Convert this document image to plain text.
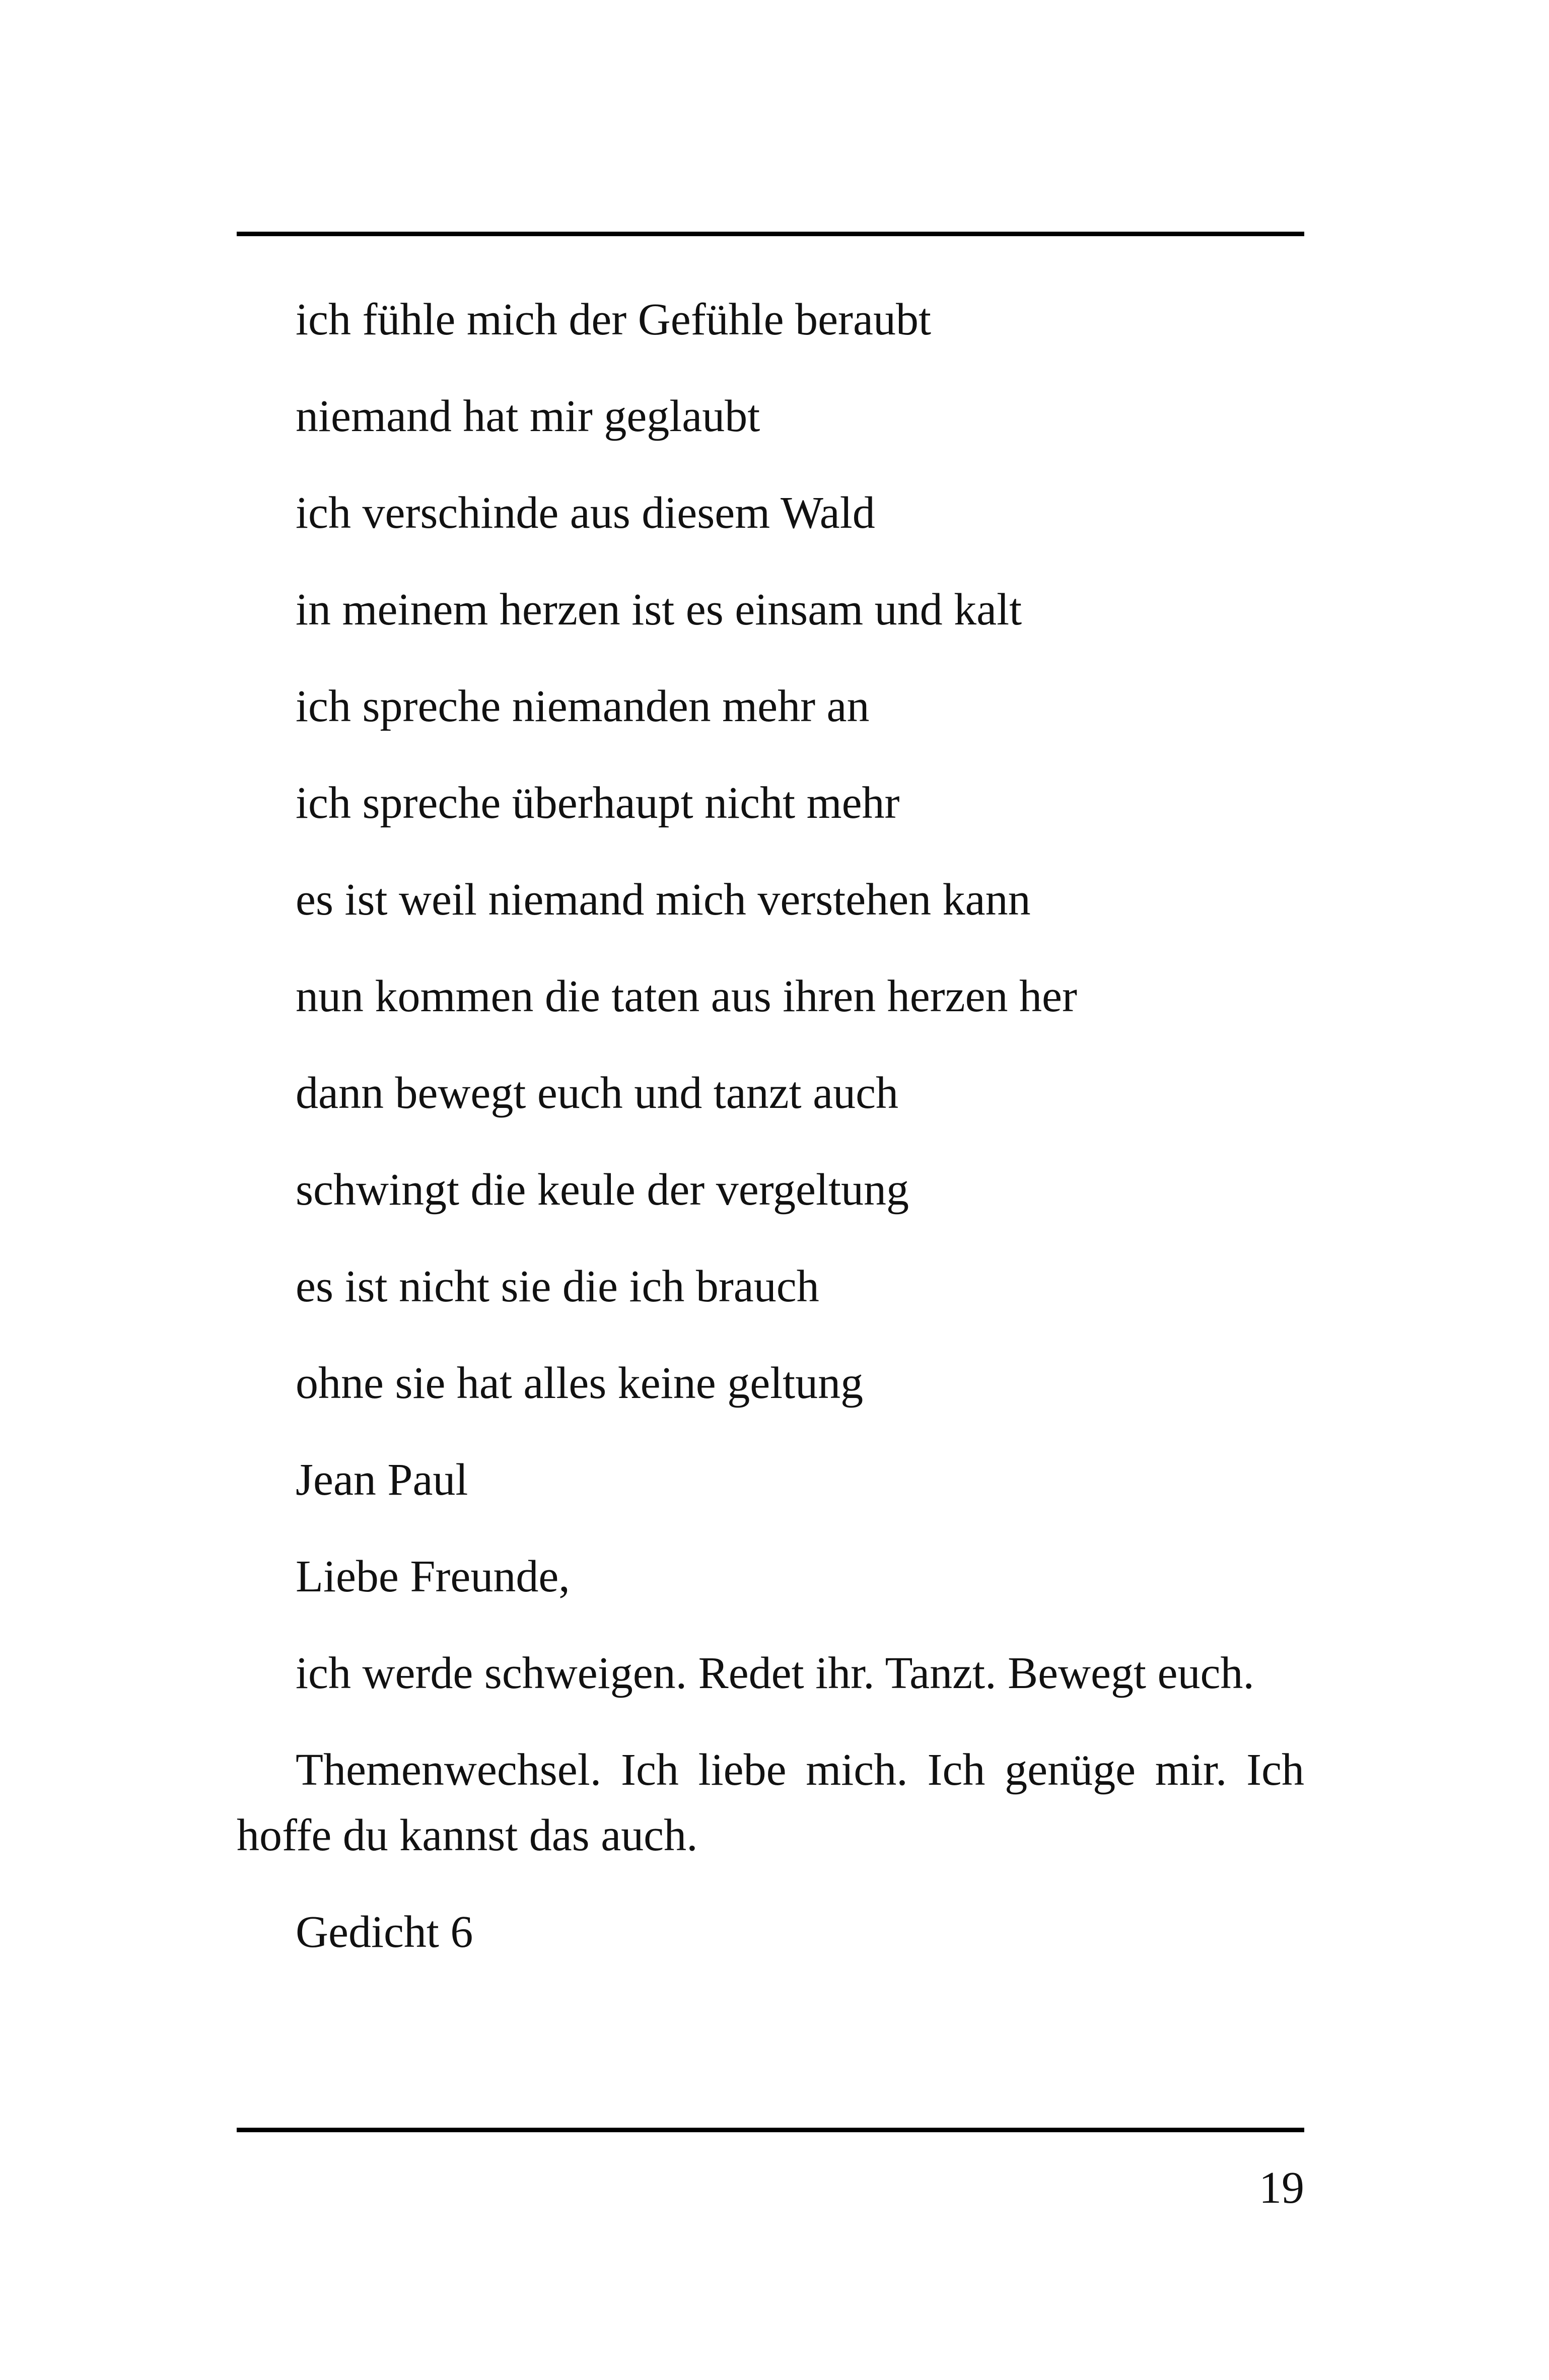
ich fühle mich der Gefühle beraubt

niemand hat mir geglaubt

ich verschinde aus diesem Wald

in meinem herzen ist es einsam und kalt

ich spreche niemanden mehr an

ich spreche überhaupt nicht mehr

es ist weil niemand mich verstehen kann

nun kommen die taten aus ihren herzen her

dann bewegt euch und tanzt auch

schwingt die keule der vergeltung

es ist nicht sie die ich brauch

ohne sie hat alles keine geltung

Jean Paul

Liebe Freunde,

ich werde schweigen. Redet ihr. Tanzt. Bewegt euch.

Themenwechsel. Ich liebe mich. Ich genüge mir. Ich hoffe du kannst das auch.

Gedicht 6

19
